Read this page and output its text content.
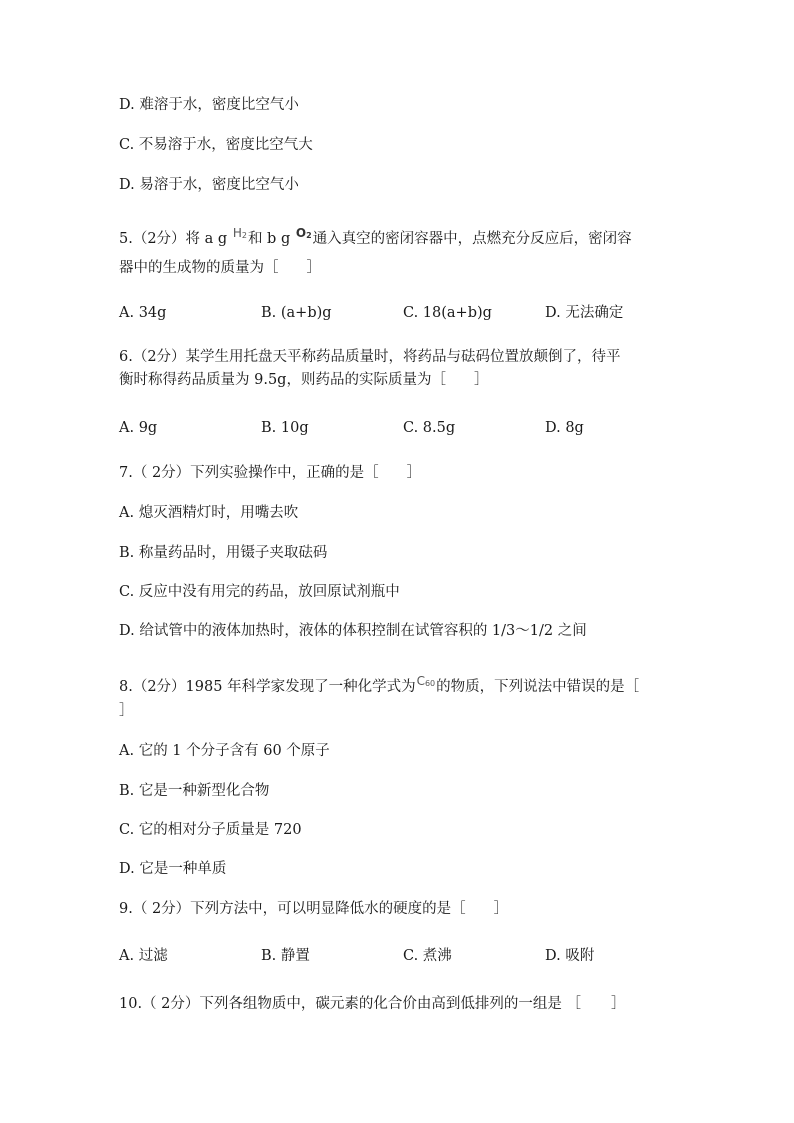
D. 难溶于水，密度比空气小
C. 不易溶于水，密度比空气大
D. 易溶于水，密度比空气小
5.（2分）将 a g H2和 b g O2通入真空的密闭容器中，点燃充分反应后，密闭容
器中的生成物的质量为［ ］
A. 34g	B. (a+b)g	C. 18(a+b)g	D. 无法确定
6.（2分）某学生用托盘天平称药品质量时，将药品与砝码位置放颠倒了，待平
衡时称得药品质量为 9.5g，则药品的实际质量为［ ］
A. 9g	B. 10g	C. 8.5g	D. 8g
7.（ 2分）下列实验操作中，正确的是［ ］
A. 熄灭酒精灯时，用嘴去吹
B. 称量药品时，用镊子夹取砝码
C. 反应中没有用完的药品，放回原试剂瓶中
D. 给试管中的液体加热时，液体的体积控制在试管容积的 1/3～1/2 之间
8.（2分）1985 年科学家发现了一种化学式为C60的物质，下列说法中错误的是［
］
A. 它的 1 个分子含有 60 个原子
B. 它是一种新型化合物
C. 它的相对分子质量是 720
D. 它是一种单质
9.（ 2分）下列方法中，可以明显降低水的硬度的是［ ］
A. 过滤	B. 静置	C. 煮沸	D. 吸附
10.（ 2分）下列各组物质中，碳元素的化合价由高到低排列的一组是 ［ ］
